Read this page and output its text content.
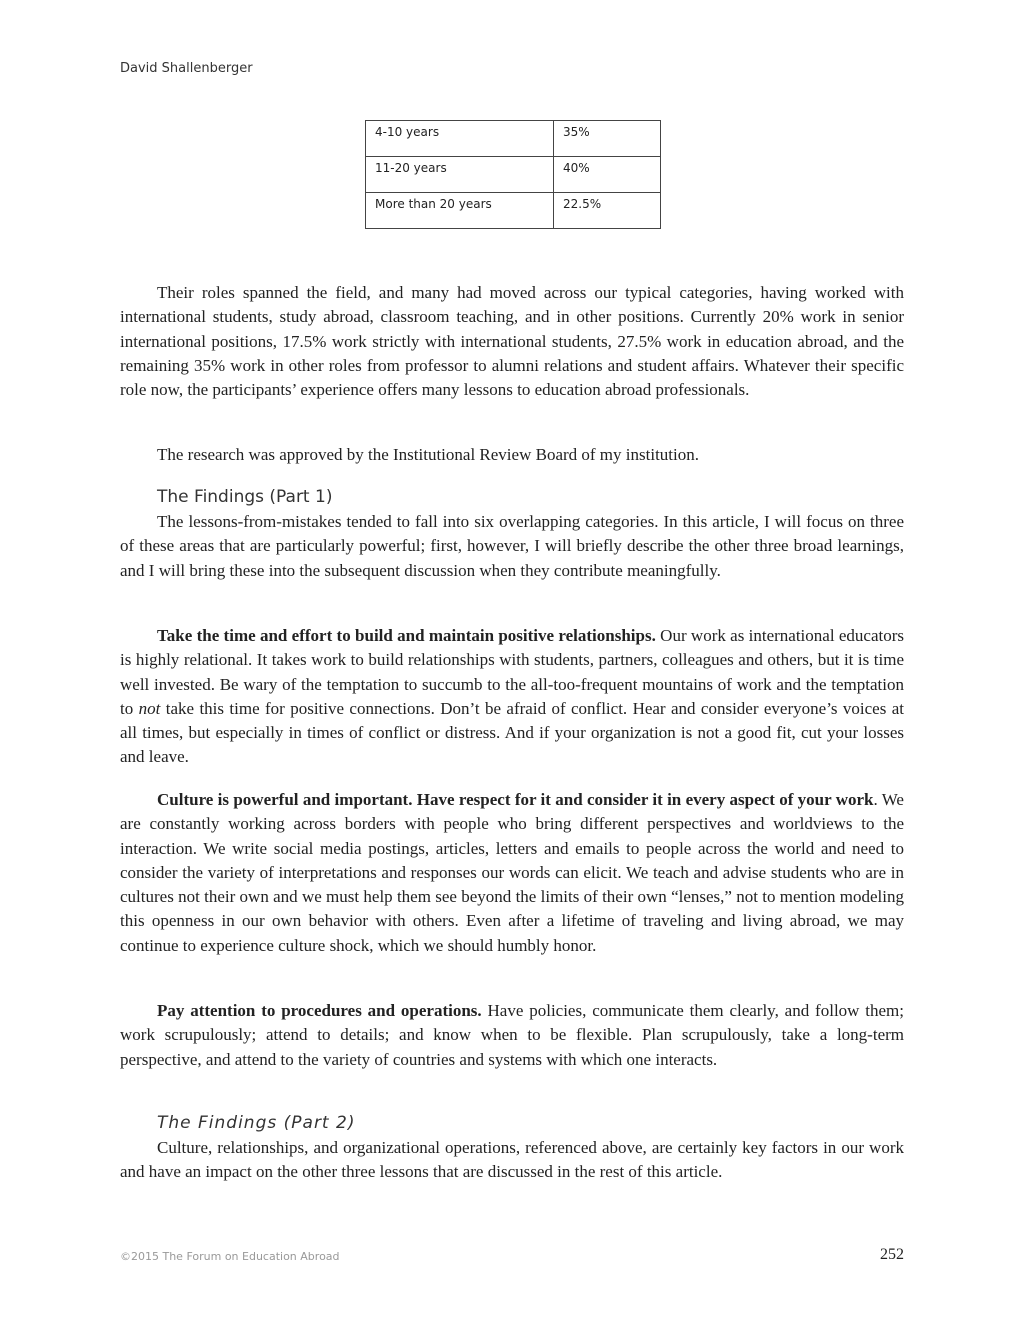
David Shallenberger
4-10 years	35%
11-20 years	40%
More than 20 years	22.5%

Their roles spanned the field, and many had moved across our typical categories, having worked with international students, study abroad, classroom teaching, and in other positions. Currently 20% work in senior international positions, 17.5% work strictly with international students, 27.5% work in education abroad, and the remaining 35% work in other roles from professor to alumni relations and student affairs. Whatever their specific role now, the participants’ experience offers many lessons to education abroad professionals.

The research was approved by the Institutional Review Board of my institution.

The Findings (Part 1)

The lessons-from-mistakes tended to fall into six overlapping categories. In this article, I will focus on three of these areas that are particularly powerful; first, however, I will briefly describe the other three broad learnings, and I will bring these into the subsequent discussion when they contribute meaningfully.

Take the time and effort to build and maintain positive relationships. Our work as international educators is highly relational. It takes work to build relationships with students, partners, colleagues and others, but it is time well invested. Be wary of the temptation to succumb to the all-too-frequent mountains of work and the temptation to not take this time for positive connections. Don’t be afraid of conflict. Hear and consider everyone’s voices at all times, but especially in times of conflict or distress. And if your organization is not a good fit, cut your losses and leave.

Culture is powerful and important. Have respect for it and consider it in every aspect of your work. We are constantly working across borders with people who bring different perspectives and worldviews to the interaction. We write social media postings, articles, letters and emails to people across the world and need to consider the variety of interpretations and responses our words can elicit. We teach and advise students who are in cultures not their own and we must help them see beyond the limits of their own “lenses,” not to mention modeling this openness in our own behavior with others. Even after a lifetime of traveling and living abroad, we may continue to experience culture shock, which we should humbly honor.

Pay attention to procedures and operations. Have policies, communicate them clearly, and follow them; work scrupulously; attend to details; and know when to be flexible. Plan scrupulously, take a long-term perspective, and attend to the variety of countries and systems with which one interacts.

The Findings (Part 2)

Culture, relationships, and organizational operations, referenced above, are certainly key factors in our work and have an impact on the other three lessons that are discussed in the rest of this article.

©2015 The Forum on Education Abroad	252
